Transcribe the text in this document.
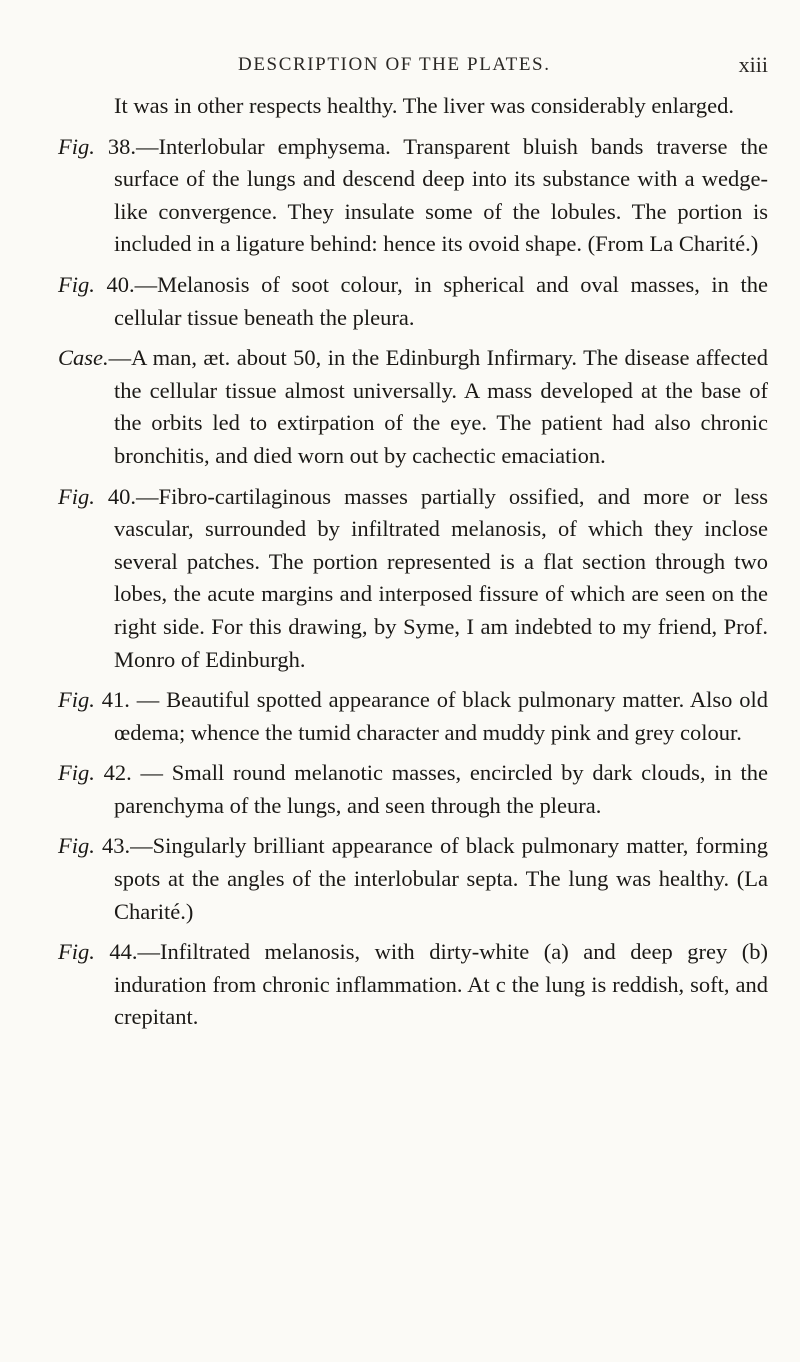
DESCRIPTION OF THE PLATES.	xiii

It was in other respects healthy. The liver was considerably enlarged.

Fig. 38.—Interlobular emphysema. Transparent bluish bands traverse the surface of the lungs and descend deep into its substance with a wedge-like convergence. They insulate some of the lobules. The portion is included in a ligature behind: hence its ovoid shape. (From La Charité.)

Fig. 40.—Melanosis of soot colour, in spherical and oval masses, in the cellular tissue beneath the pleura.

Case.—A man, æt. about 50, in the Edinburgh Infirmary. The disease affected the cellular tissue almost universally. A mass developed at the base of the orbits led to extirpation of the eye. The patient had also chronic bronchitis, and died worn out by cachectic emaciation.

Fig. 40.—Fibro-cartilaginous masses partially ossified, and more or less vascular, surrounded by infiltrated melanosis, of which they inclose several patches. The portion represented is a flat section through two lobes, the acute margins and interposed fissure of which are seen on the right side. For this drawing, by Syme, I am indebted to my friend, Prof. Monro of Edinburgh.

Fig. 41. — Beautiful spotted appearance of black pulmonary matter. Also old œdema; whence the tumid character and muddy pink and grey colour.

Fig. 42. — Small round melanotic masses, encircled by dark clouds, in the parenchyma of the lungs, and seen through the pleura.

Fig. 43.—Singularly brilliant appearance of black pulmonary matter, forming spots at the angles of the interlobular septa. The lung was healthy. (La Charité.)

Fig. 44.—Infiltrated melanosis, with dirty-white (a) and deep grey (b) induration from chronic inflammation. At c the lung is reddish, soft, and crepitant.
